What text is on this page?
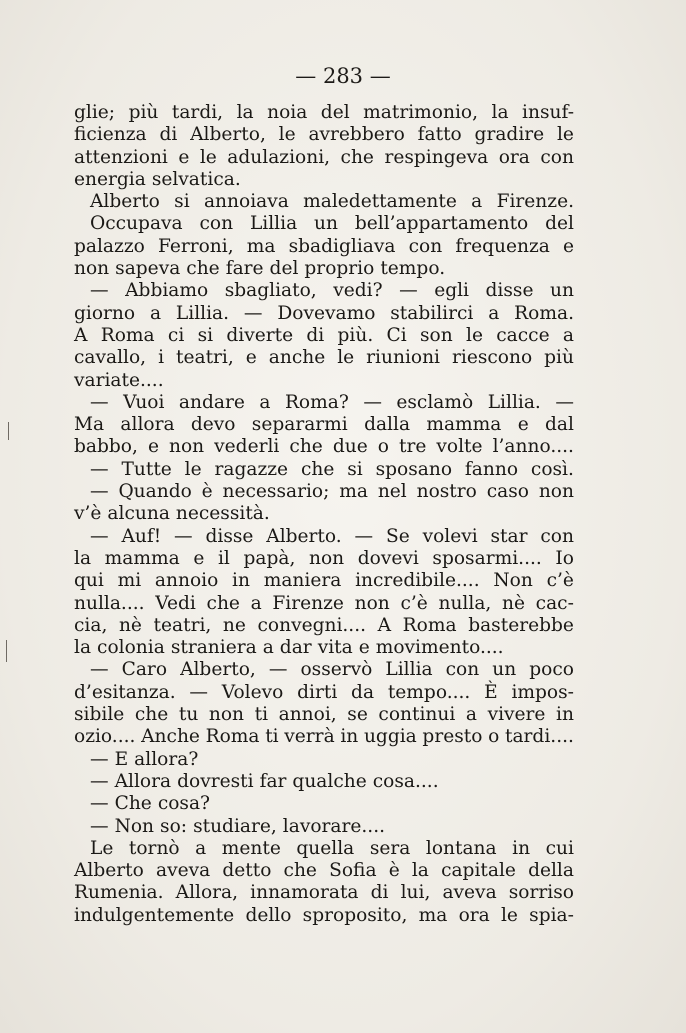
— 283 —
glie; più tardi, la noia del matrimonio, la insuf-
ficienza di Alberto, le avrebbero fatto gradire le
attenzioni e le adulazioni, che respingeva ora con
energia selvatica.
Alberto si annoiava maledettamente a Firenze.
Occupava con Lillia un bell’appartamento del
palazzo Ferroni, ma sbadigliava con frequenza e
non sapeva che fare del proprio tempo.
— Abbiamo sbagliato, vedi? — egli disse un
giorno a Lillia. — Dovevamo stabilirci a Roma.
A Roma ci si diverte di più. Ci son le cacce a
cavallo, i teatri, e anche le riunioni riescono più
variate....
— Vuoi andare a Roma? — esclamò Lillia. —
Ma allora devo separarmi dalla mamma e dal
babbo, e non vederli che due o tre volte l’anno....
— Tutte le ragazze che si sposano fanno così.
— Quando è necessario; ma nel nostro caso non
v’è alcuna necessità.
— Auf! — disse Alberto. — Se volevi star con
la mamma e il papà, non dovevi sposarmi.... Io
qui mi annoio in maniera incredibile.... Non c’è
nulla.... Vedi che a Firenze non c’è nulla, nè cac-
cia, nè teatri, ne convegni.... A Roma basterebbe
la colonia straniera a dar vita e movimento....
— Caro Alberto, — osservò Lillia con un poco
d’esitanza. — Volevo dirti da tempo.... È impos-
sibile che tu non ti annoi, se continui a vivere in
ozio.... Anche Roma ti verrà in uggia presto o tardi....
— E allora?
— Allora dovresti far qualche cosa....
— Che cosa?
— Non so: studiare, lavorare....
Le tornò a mente quella sera lontana in cui
Alberto aveva detto che Sofia è la capitale della
Rumenia. Allora, innamorata di lui, aveva sorriso
indulgentemente dello sproposito, ma ora le spia-
